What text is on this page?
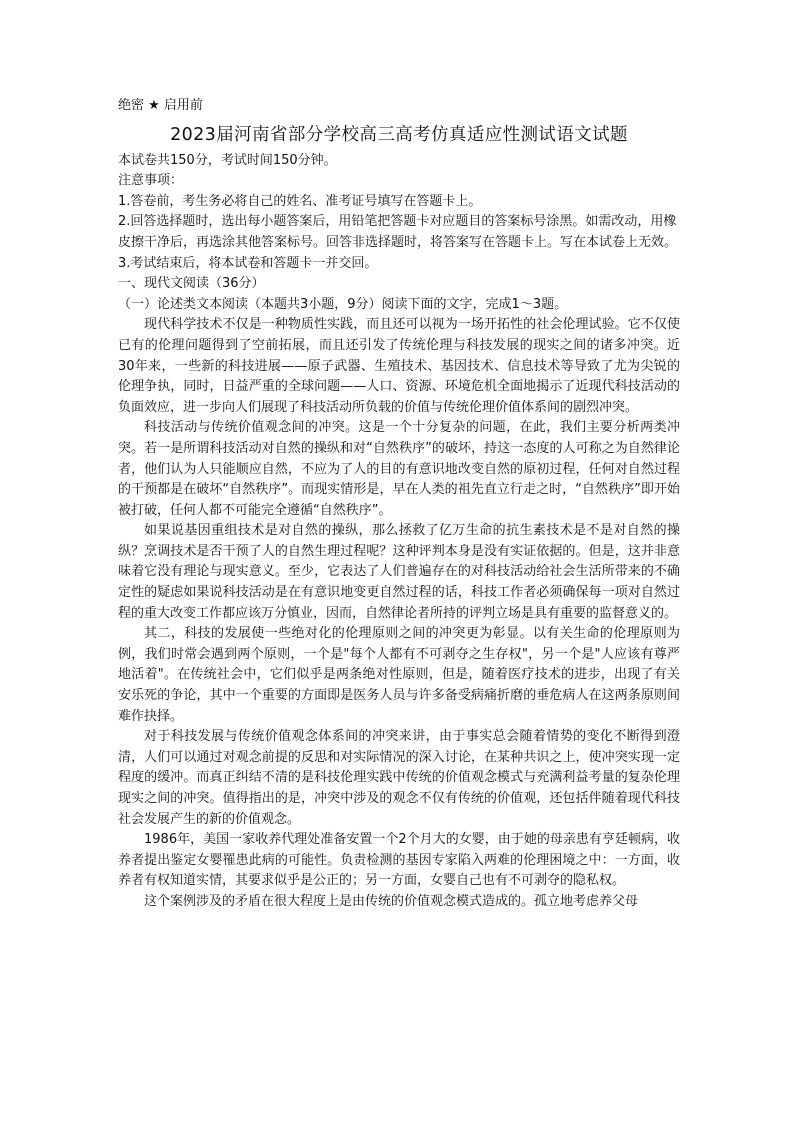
绝密 ★ 启用前

2023届河南省部分学校高三高考仿真适应性测试语文试题

本试卷共150分，考试时间150分钟。

注意事项：

1.答卷前，考生务必将自己的姓名、准考证号填写在答题卡上。

2.回答选择题时，选出每小题答案后，用铅笔把答题卡对应题目的答案标号涂黑。如需改动，用橡皮擦干净后，再选涂其他答案标号。回答非选择题时，将答案写在答题卡上。写在本试卷上无效。

3.考试结束后，将本试卷和答题卡一并交回。

一、现代文阅读（36分）

（一）论述类文本阅读（本题共3小题，9分）阅读下面的文字，完成1～3题。

现代科学技术不仅是一种物质性实践，而且还可以视为一场开拓性的社会伦理试验。它不仅使已有的伦理问题得到了空前拓展，而且还引发了传统伦理与科技发展的现实之间的诸多冲突。近30年来，一些新的科技进展——原子武器、生殖技术、基因技术、信息技术等导致了尤为尖锐的伦理争执，同时，日益严重的全球问题——人口、资源、环境危机全面地揭示了近现代科技活动的负面效应，进一步向人们展现了科技活动所负载的价值与传统伦理价值体系间的剧烈冲突。

科技活动与传统价值观念间的冲突。这是一个十分复杂的问题，在此，我们主要分析两类冲突。若一是所谓科技活动对自然的操纵和对“自然秩序”的破坏，持这一态度的人可称之为自然律论者，他们认为人只能顺应自然，不应为了人的目的有意识地改变自然的原初过程，任何对自然过程的干预都是在破坏“自然秩序”。而现实情形是，早在人类的祖先直立行走之时，“自然秩序”即开始被打破，任何人都不可能完全遵循“自然秩序”。

如果说基因重组技术是对自然的操纵，那么拯救了亿万生命的抗生素技术是不是对自然的操纵？烹调技术是否干预了人的自然生理过程呢？这种评判本身是没有实证依据的。但是，这并非意味着它没有理论与现实意义。至少，它表达了人们普遍存在的对科技活动给社会生活所带来的不确定性的疑虑如果说科技活动是在有意识地变更自然过程的话，科技工作者必须确保每一项对自然过程的重大改变工作都应该万分慎业，因而，自然律论者所持的评判立场是具有重要的监督意义的。

其二，科技的发展使一些绝对化的伦理原则之间的冲突更为彰显。以有关生命的伦理原则为例，我们时常会遇到两个原则，一个是"每个人都有不可剥夺之生存权"，另一个是"人应该有尊严地活着"。在传统社会中，它们似乎是两条绝对性原则，但是，随着医疗技术的进步，出现了有关安乐死的争论，其中一个重要的方面即是医务人员与许多备受病痛折磨的垂危病人在这两条原则间难作抉择。

对于科技发展与传统价值观念体系间的冲突来讲，由于事实总会随着情势的变化不断得到澄清，人们可以通过对观念前提的反思和对实际情况的深入讨论，在某种共识之上，使冲突实现一定程度的缓冲。而真正纠结不清的是科技伦理实践中传统的价值观念模式与充满利益考量的复杂伦理现实之间的冲突。值得指出的是，冲突中涉及的观念不仅有传统的价值观，还包括伴随着现代科技社会发展产生的新的价值观念。

1986年，美国一家收养代理处准备安置一个2个月大的女婴，由于她的母亲患有亨廷顿病，收养者提出鉴定女婴罹患此病的可能性。负责检测的基因专家陷入两难的伦理困境之中：一方面，收养者有权知道实情，其要求似乎是公正的；另一方面，女婴自己也有不可剥夺的隐私权。

这个案例涉及的矛盾在很大程度上是由传统的价值观念模式造成的。孤立地考虑养父母
